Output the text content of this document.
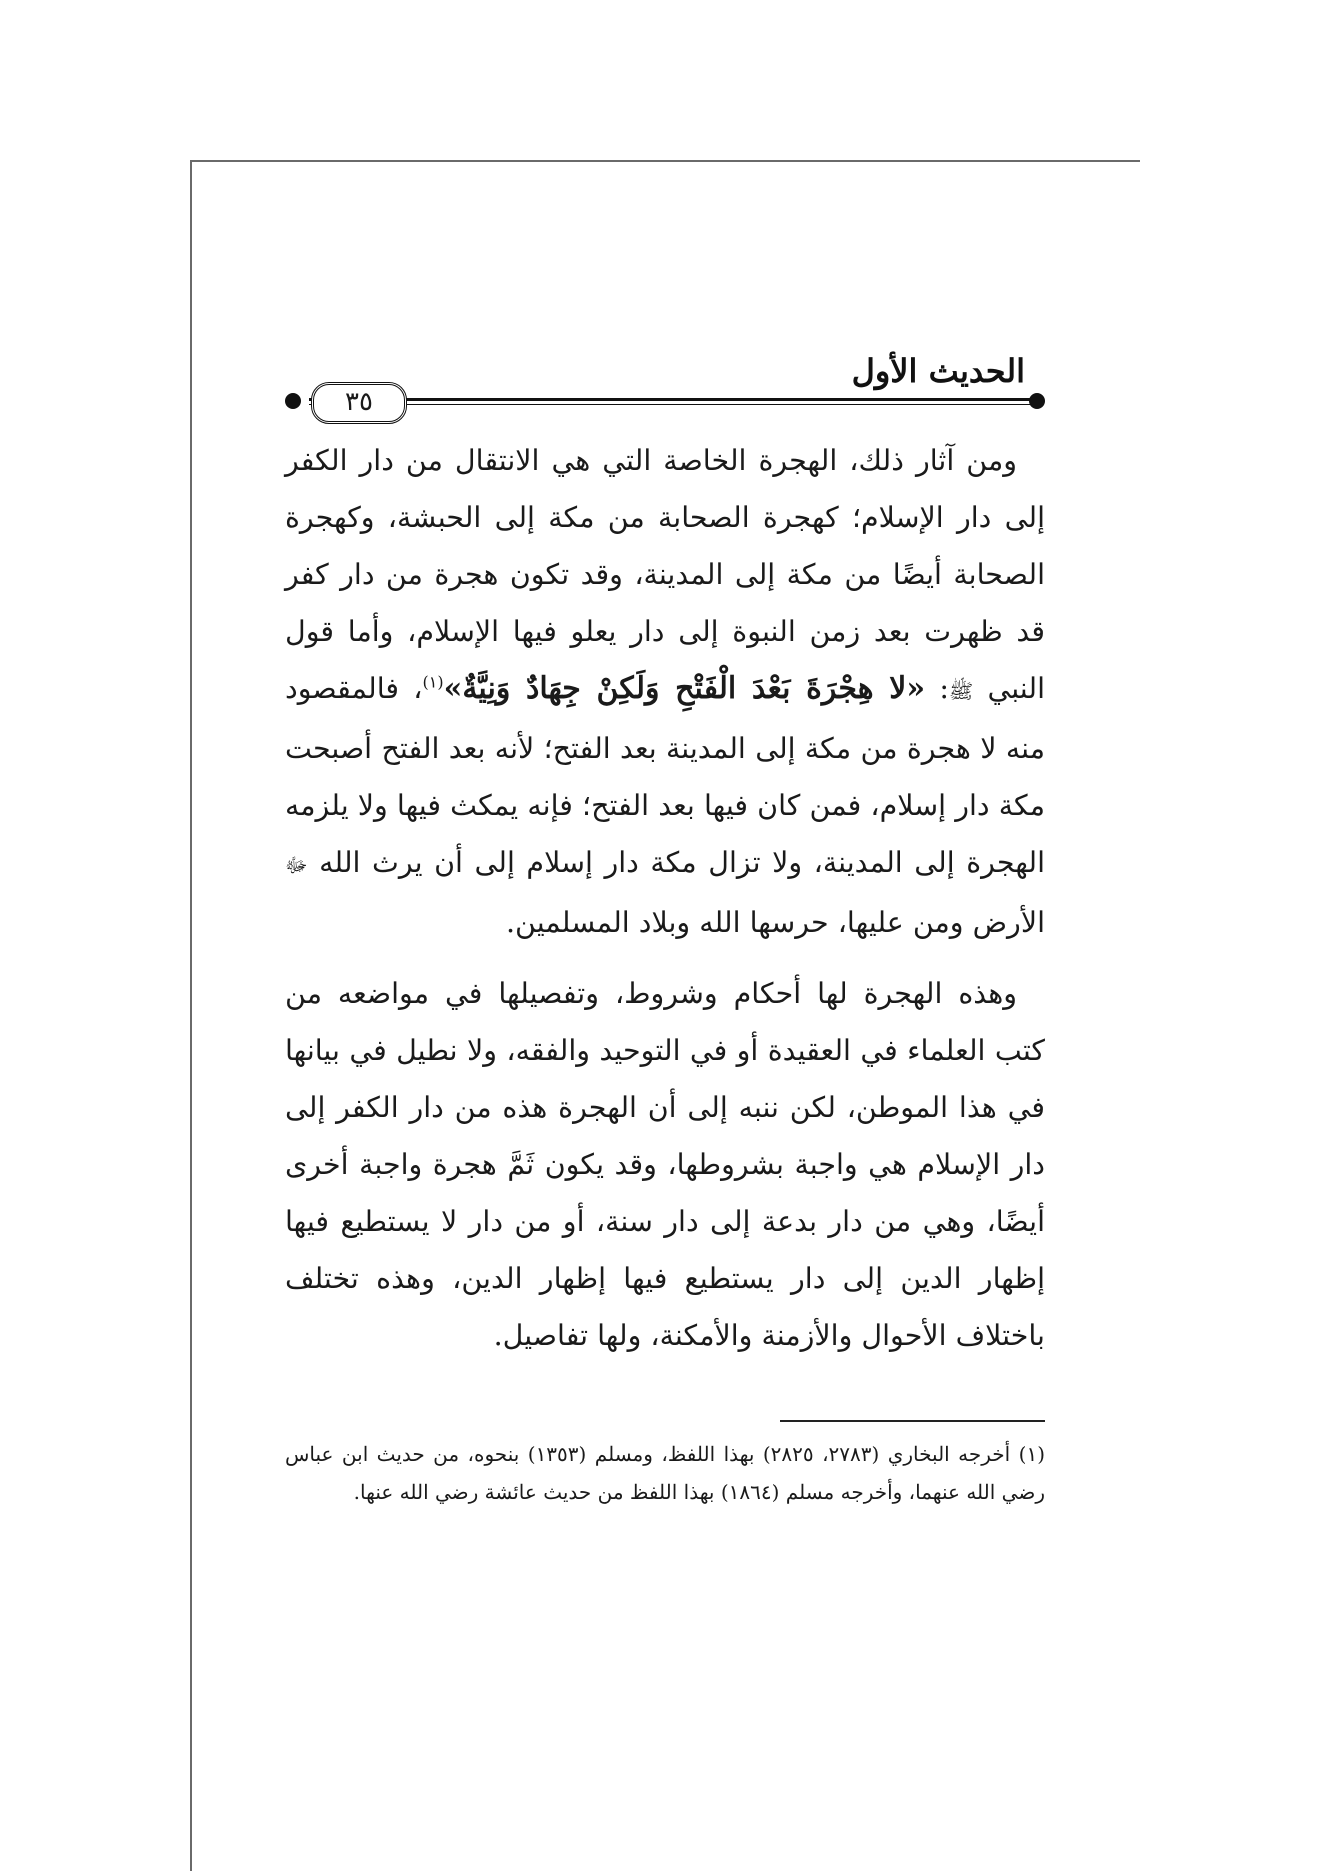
الحديث الأول
٣٥

ومن آثار ذلك، الهجرة الخاصة التي هي الانتقال من دار الكفر إلى دار الإسلام؛ كهجرة الصحابة من مكة إلى الحبشة، وكهجرة الصحابة أيضًا من مكة إلى المدينة، وقد تكون هجرة من دار كفر قد ظهرت بعد زمن النبوة إلى دار يعلو فيها الإسلام، وأما قول النبي ﷺ: «لا هِجْرَةَ بَعْدَ الْفَتْحِ وَلَكِنْ جِهَادٌ وَنِيَّةٌ»$^{(١)}$، فالمقصود منه لا هجرة من مكة إلى المدينة بعد الفتح؛ لأنه بعد الفتح أصبحت مكة دار إسلام، فمن كان فيها بعد الفتح؛ فإنه يمكث فيها ولا يلزمه الهجرة إلى المدينة، ولا تزال مكة دار إسلام إلى أن يرث الله ﷻ الأرض ومن عليها، حرسها الله وبلاد المسلمين.

وهذه الهجرة لها أحكام وشروط، وتفصيلها في مواضعه من كتب العلماء في العقيدة أو في التوحيد والفقه، ولا نطيل في بيانها في هذا الموطن، لكن ننبه إلى أن الهجرة هذه من دار الكفر إلى دار الإسلام هي واجبة بشروطها، وقد يكون ثَمَّ هجرة واجبة أخرى أيضًا، وهي من دار بدعة إلى دار سنة، أو من دار لا يستطيع فيها إظهار الدين إلى دار يستطيع فيها إظهار الدين، وهذه تختلف باختلاف الأحوال والأزمنة والأمكنة، ولها تفاصيل.

(١) أخرجه البخاري (٢٧٨٣، ٢٨٢٥) بهذا اللفظ، ومسلم (١٣٥٣) بنحوه، من حديث ابن عباس رضي الله عنهما، وأخرجه مسلم (١٨٦٤) بهذا اللفظ من حديث عائشة رضي الله عنها.
